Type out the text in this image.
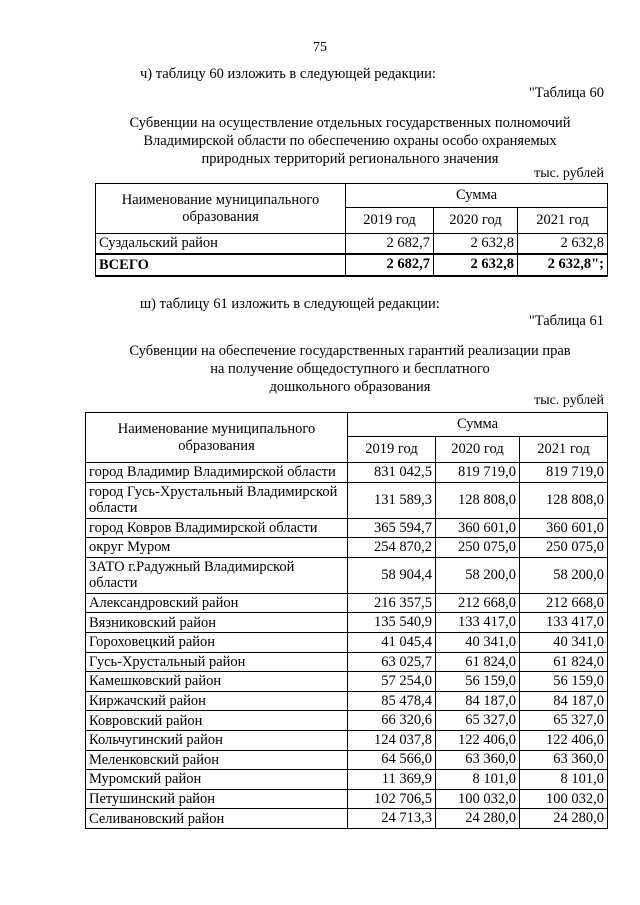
75
ч) таблицу 60 изложить в следующей редакции:
"Таблица 60
Субвенции на осуществление отдельных государственных полномочий
Владимирской области по обеспечению охраны особо охраняемых
природных территорий регионального значения
тыс. рублей
Наименование муниципального образования	Сумма		
	2019 год	2020 год	2021 год
Суздальский район	2 682,7	2 632,8	2 632,8
ВСЕГО	2 682,7	2 632,8	2 632,8";
ш) таблицу 61 изложить в следующей редакции:
"Таблица 61
Субвенции на обеспечение государственных гарантий реализации прав
на получение общедоступного и бесплатного
дошкольного образования
тыс. рублей
Наименование муниципального образования	Сумма		
	2019 год	2020 год	2021 год
город Владимир Владимирской области	831 042,5	819 719,0	819 719,0
город Гусь-Хрустальный Владимирской области	131 589,3	128 808,0	128 808,0
город Ковров Владимирской области	365 594,7	360 601,0	360 601,0
округ Муром	254 870,2	250 075,0	250 075,0
ЗАТО г.Радужный Владимирской области	58 904,4	58 200,0	58 200,0
Александровский район	216 357,5	212 668,0	212 668,0
Вязниковский район	135 540,9	133 417,0	133 417,0
Гороховецкий район	41 045,4	40 341,0	40 341,0
Гусь-Хрустальный район	63 025,7	61 824,0	61 824,0
Камешковский район	57 254,0	56 159,0	56 159,0
Киржачский район	85 478,4	84 187,0	84 187,0
Ковровский район	66 320,6	65 327,0	65 327,0
Кольчугинский район	124 037,8	122 406,0	122 406,0
Меленковский район	64 566,0	63 360,0	63 360,0
Муромский район	11 369,9	8 101,0	8 101,0
Петушинский район	102 706,5	100 032,0	100 032,0
Селивановский район	24 713,3	24 280,0	24 280,0
